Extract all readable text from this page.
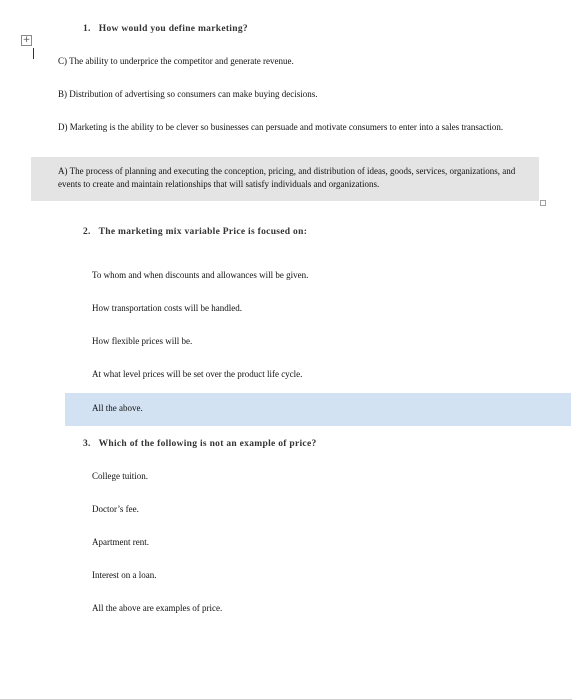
+
1. How would you define marketing?
C) The ability to underprice the competitor and generate revenue.
B) Distribution of advertising so consumers can make buying decisions.
D) Marketing is the ability to be clever so businesses can persuade and motivate consumers to enter into a sales transaction.
A) The process of planning and executing the conception, pricing, and distribution of ideas, goods, services, organizations, and events to create and maintain relationships that will satisfy individuals and organizations.
2. The marketing mix variable Price is focused on:
To whom and when discounts and allowances will be given.
How transportation costs will be handled.
How flexible prices will be.
At what level prices will be set over the product life cycle.
All the above.
3. Which of the following is not an example of price?
College tuition.
Doctor’s fee.
Apartment rent.
Interest on a loan.
All the above are examples of price.
